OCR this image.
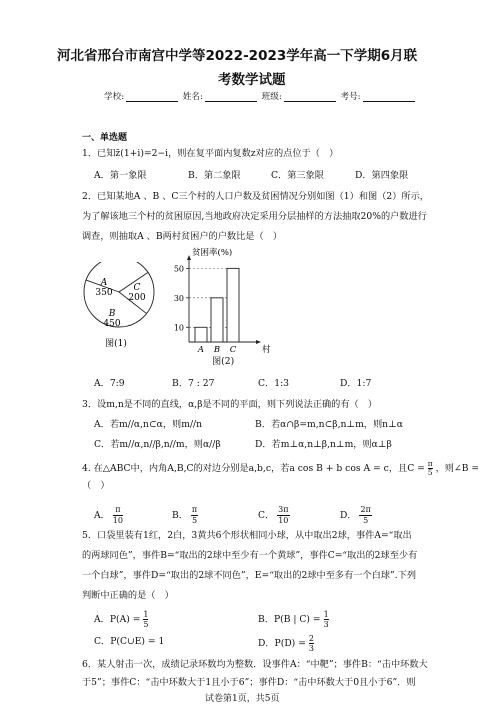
河北省邢台市南宫中学等2022-2023学年高一下学期6月联
考数学试题
学校:	姓名:	班级:	考号:
一、单选题
1．已知z̄(1+i)=2−i，则在复平面内复数z对应的点位于（　）
A．第一象限	B．第二象限	C．第三象限	D．第四象限
2．已知某地A 、B 、C三个村的人口户数及贫困情况分别如图（1）和图（2）所示，
为了解该地三个村的贫困原因,当地政府决定采用分层抽样的方法抽取20%的户数进行
调查，则抽取A 、B两村贫困户的户数比是（　）
A
350 C
200
B
450
图(1)
贫困率(%)
10
30
50
A B C	村
图(2)
A．7:9	B．7 : 27	C．1:3	D．1:7
3．设m,n是不同的直线，α,β是不同的平面，则下列说法正确的有（　）
A．若m//α,n⊂α，则m//n	B．若α∩β=m,n⊂β,n⊥m，则n⊥α
C．若m//α,n//β,n//m，则α//β	D．若m⊥α,n⊥β,n⊥m，则α⊥β
4. 在△ABC中，内角A,B,C的对边分别是a,b,c，若a cos B + b cos A = c，且$C = \frac{\pi}{5}$ ，则∠B =
（　）
A． $\frac{\pi}{10}$	B． $\frac{\pi}{5}$	C． $\frac{3\pi}{10}$	D． $\frac{2\pi}{5}$
5．口袋里装有1红，2白，3黄共6个形状相同小球，从中取出2球，事件A=“取出
的两球同色”，事件B=“取出的2球中至少有一个黄球”，事件C=“取出的2球至少有
一个白球”，事件D=“取出的2球不同色”，E=“取出的2球中至多有一个白球”.下列
判断中正确的是（　）
A．$P(A) = \frac{1}{5}$	B．P(B | $C) = \frac{1}{3}$
C．P(C∪E) = 1	D．$P(D) = \frac{2}{3}$
6．某人射击一次，成绩记录环数均为整数．设事件A：“中靶”；事件B：“击中环数大
于5”；事件C：“击中环数大于1且小于6”；事件D：“击中环数大于0且小于6”．则
试卷第1页，共5页
